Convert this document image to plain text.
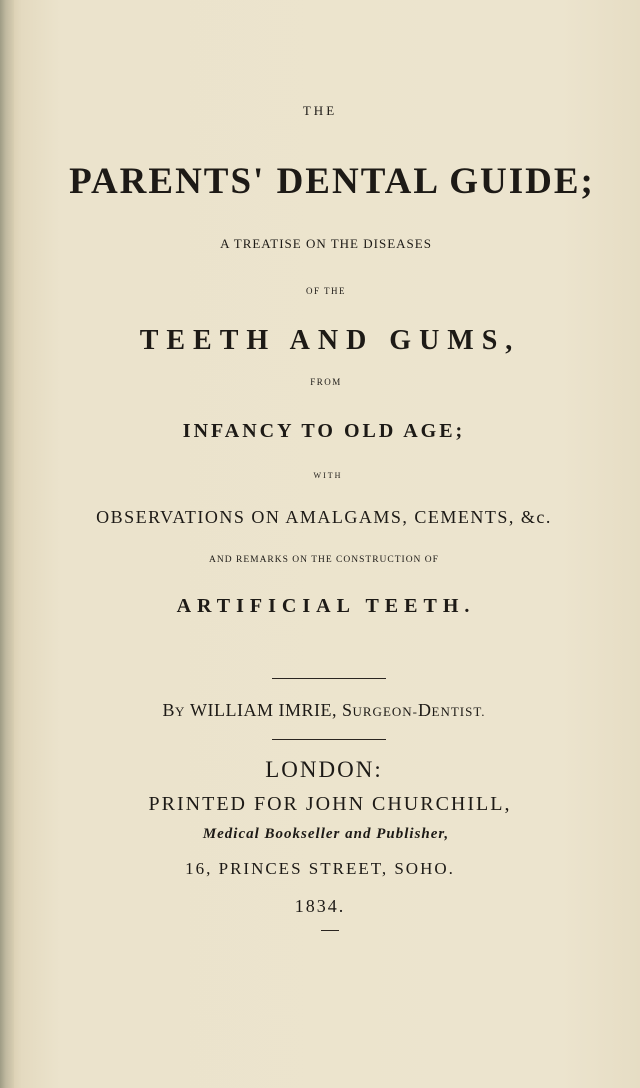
THE
PARENTS' DENTAL GUIDE;
A TREATISE ON THE DISEASES
OF THE
TEETH AND GUMS,
FROM
INFANCY TO OLD AGE;
WITH
OBSERVATIONS ON AMALGAMS, CEMENTS, &c.
AND REMARKS ON THE CONSTRUCTION OF
ARTIFICIAL TEETH.
BY WILLIAM IMRIE, SURGEON-DENTIST.
LONDON:
PRINTED FOR JOHN CHURCHILL,
Medical Bookseller and Publisher,
16, PRINCES STREET, SOHO.
1834.
